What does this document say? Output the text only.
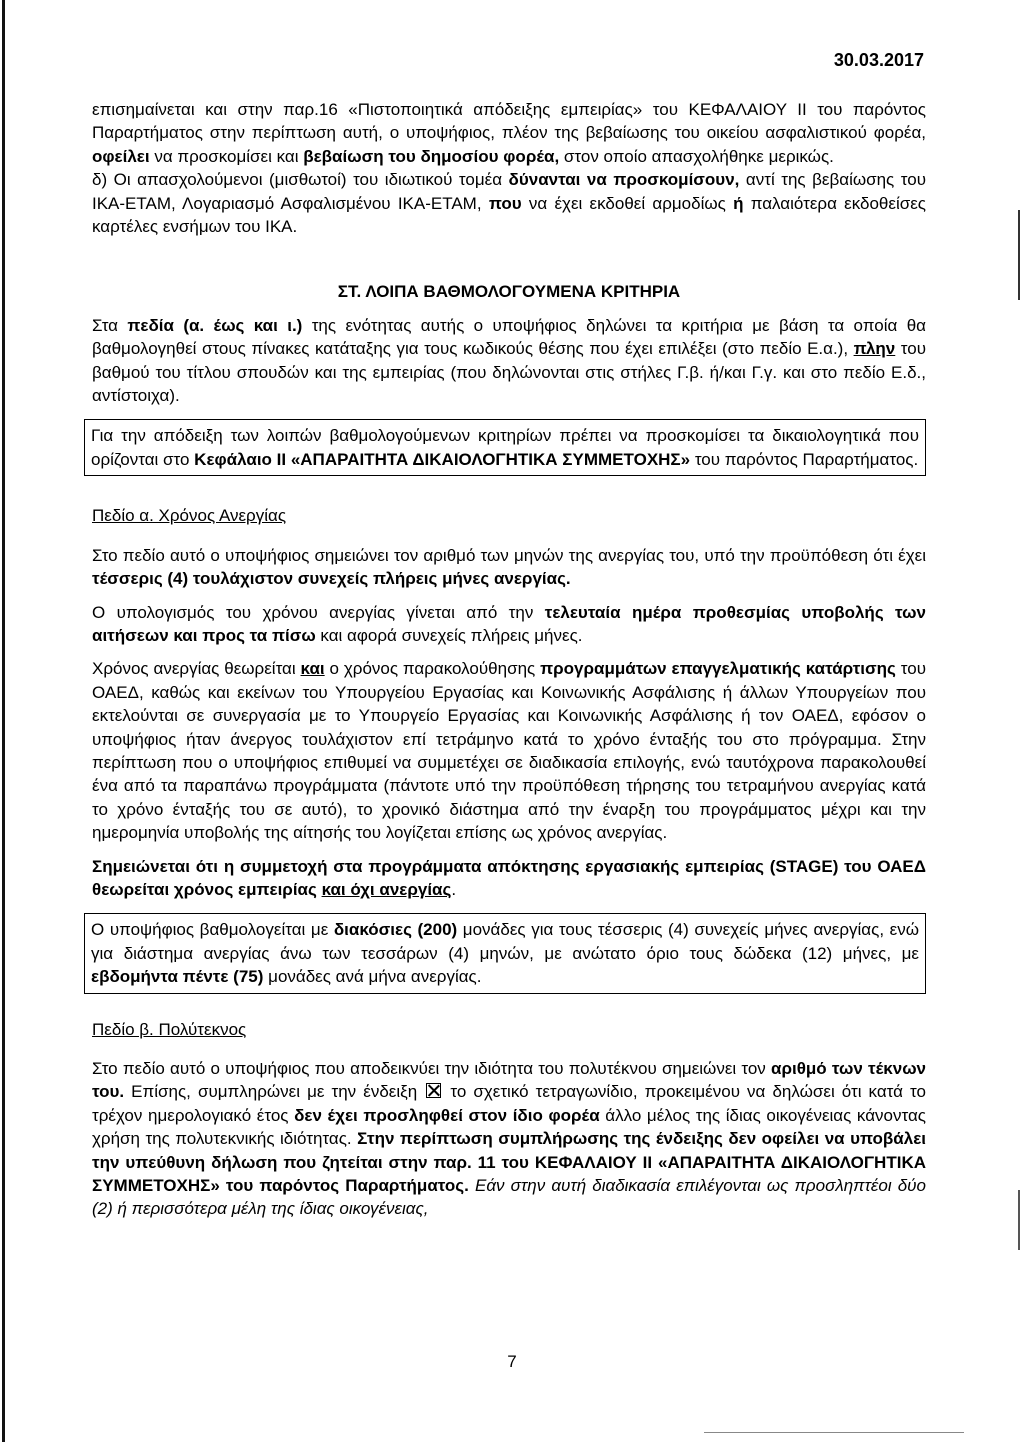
30.03.2017

επισημαίνεται και στην παρ.16 «Πιστοποιητικά απόδειξης εμπειρίας» του ΚΕΦΑΛΑΙΟΥ ΙΙ του παρόντος Παραρτήματος στην περίπτωση αυτή, ο υποψήφιος, πλέον της βεβαίωσης του οικείου ασφαλιστικού φορέα, οφείλει να προσκομίσει και βεβαίωση του δημοσίου φορέα, στον οποίο απασχολήθηκε μερικώς.

δ) Οι απασχολούμενοι (μισθωτοί) του ιδιωτικού τομέα δύνανται να προσκομίσουν, αντί της βεβαίωσης του ΙΚΑ-ΕΤΑΜ, Λογαριασμό Ασφαλισμένου ΙΚΑ-ΕΤΑΜ, που να έχει εκδοθεί αρμοδίως ή παλαιότερα εκδοθείσες καρτέλες ενσήμων του ΙΚΑ.

ΣΤ. ΛΟΙΠΑ ΒΑΘΜΟΛΟΓΟΥΜΕΝΑ ΚΡΙΤΗΡΙΑ

Στα πεδία (α. έως και ι.) της ενότητας αυτής ο υποψήφιος δηλώνει τα κριτήρια με βάση τα οποία θα βαθμολογηθεί στους πίνακες κατάταξης για τους κωδικούς θέσης που έχει επιλέξει (στο πεδίο Ε.α.), πλην του βαθμού του τίτλου σπουδών και της εμπειρίας (που δηλώνονται στις στήλες Γ.β. ή/και Γ.γ. και στο πεδίο Ε.δ., αντίστοιχα).

Για την απόδειξη των λοιπών βαθμολογούμενων κριτηρίων πρέπει να προσκομίσει τα δικαιολογητικά που ορίζονται στο Κεφάλαιο ΙΙ «ΑΠΑΡΑΙΤΗΤΑ ΔΙΚΑΙΟΛΟΓΗΤΙΚΑ ΣΥΜΜΕΤΟΧΗΣ» του παρόντος Παραρτήματος.

Πεδίο α. Χρόνος Ανεργίας

Στο πεδίο αυτό ο υποψήφιος σημειώνει τον αριθμό των μηνών της ανεργίας του, υπό την προϋπόθεση ότι έχει τέσσερις (4) τουλάχιστον συνεχείς πλήρεις μήνες ανεργίας.

Ο υπολογισμός του χρόνου ανεργίας γίνεται από την τελευταία ημέρα προθεσμίας υποβολής των αιτήσεων και προς τα πίσω και αφορά συνεχείς πλήρεις μήνες.

Χρόνος ανεργίας θεωρείται και ο χρόνος παρακολούθησης προγραμμάτων επαγγελματικής κατάρτισης του ΟΑΕΔ, καθώς και εκείνων του Υπουργείου Εργασίας και Κοινωνικής Ασφάλισης ή άλλων Υπουργείων που εκτελούνται σε συνεργασία με το Υπουργείο Εργασίας και Κοινωνικής Ασφάλισης ή τον ΟΑΕΔ, εφόσον ο υποψήφιος ήταν άνεργος τουλάχιστον επί τετράμηνο κατά το χρόνο ένταξής του στο πρόγραμμα. Στην περίπτωση που ο υποψήφιος επιθυμεί να συμμετέχει σε διαδικασία επιλογής, ενώ ταυτόχρονα παρακολουθεί ένα από τα παραπάνω προγράμματα (πάντοτε υπό την προϋπόθεση τήρησης του τετραμήνου ανεργίας κατά το χρόνο ένταξής του σε αυτό), το χρονικό διάστημα από την έναρξη του προγράμματος μέχρι και την ημερομηνία υποβολής της αίτησής του λογίζεται επίσης ως χρόνος ανεργίας.

Σημειώνεται ότι η συμμετοχή στα προγράμματα απόκτησης εργασιακής εμπειρίας (STAGE) του ΟΑΕΔ θεωρείται χρόνος εμπειρίας και όχι ανεργίας.

Ο υποψήφιος βαθμολογείται με διακόσιες (200) μονάδες για τους τέσσερις (4) συνεχείς μήνες ανεργίας, ενώ για διάστημα ανεργίας άνω των τεσσάρων (4) μηνών, με ανώτατο όριο τους δώδεκα (12) μήνες, με εβδομήντα πέντε (75) μονάδες ανά μήνα ανεργίας.

Πεδίο β. Πολύτεκνος

Στο πεδίο αυτό ο υποψήφιος που αποδεικνύει την ιδιότητα του πολυτέκνου σημειώνει τον αριθμό των τέκνων του. Επίσης, συμπληρώνει με την ένδειξη το σχετικό τετραγωνίδιο, προκειμένου να δηλώσει ότι κατά το τρέχον ημερολογιακό έτος δεν έχει προσληφθεί στον ίδιο φορέα άλλο μέλος της ίδιας οικογένειας κάνοντας χρήση της πολυτεκνικής ιδιότητας. Στην περίπτωση συμπλήρωσης της ένδειξης δεν οφείλει να υποβάλει την υπεύθυνη δήλωση που ζητείται στην παρ. 11 του ΚΕΦΑΛΑΙΟΥ ΙΙ «ΑΠΑΡΑΙΤΗΤΑ ΔΙΚΑΙΟΛΟΓΗΤΙΚΑ ΣΥΜΜΕΤΟΧΗΣ» του παρόντος Παραρτήματος. Εάν στην αυτή διαδικασία επιλέγονται ως προσληπτέοι δύο (2) ή περισσότερα μέλη της ίδιας οικογένειας,

7
